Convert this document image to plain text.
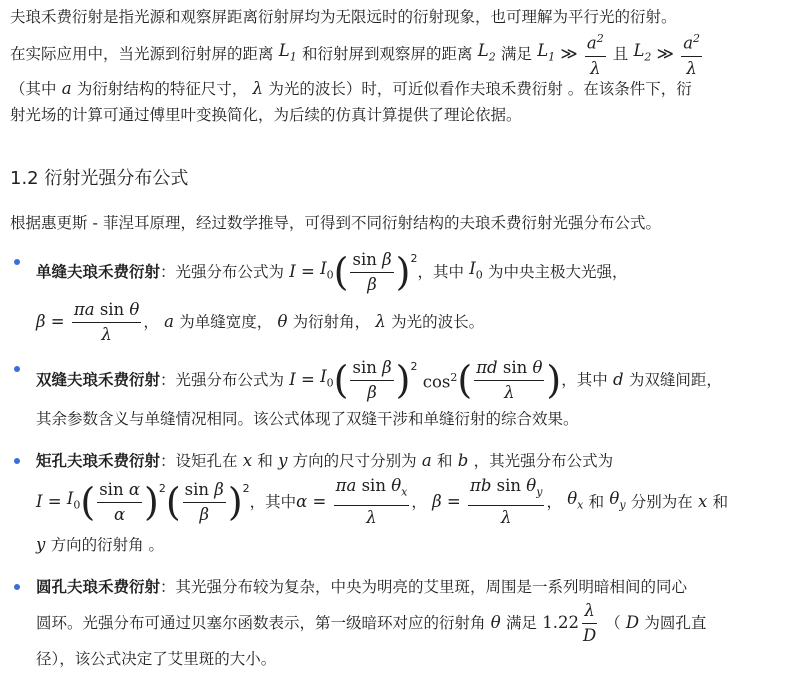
夫琅禾费衍射是指光源和观察屏距离衍射屏均为无限远时的衍射现象，也可理解为平行光的衍射。
在实际应用中，当光源到衍射屏的距离 $L_1$ 和衍射屏到观察屏的距离 $L_2$ 满足 $L_1$ ≫ $\frac{a^2}{\lambda}$
且 $L_2$ ≫ $\frac{a^2}{\lambda}$
（其中 a 为衍射结构的特征尺寸， λ 为光的波长）时，可近似看作夫琅禾费衍射 。在该条件下，衍
射光场的计算可通过傅里叶变换简化，为后续的仿真计算提供了理论依据。
1.2 衍射光强分布公式
根据惠更斯 - 菲涅耳原理，经过数学推导，可得到不同衍射结构的夫琅禾费衍射光强分布公式。
单缝夫琅禾费衍射 ：光强分布公式为 $I = I_0$ ( $\frac{\text{sin β}}{\beta} )^2$
，其中 $I_0$ 为中央主极大光强，
$\beta = \frac{\text{πa sin θ}}{\lambda}$ ， a 为单缝宽度， θ 为衍射角， λ 为光的波长。
双缝夫琅禾费衍射 ：光强分布公式为 $I = I_0$ ( $\frac{\text{sin β}}{\beta} )^2$
$\cos^2$ ( $\frac{\text{πd sin θ}}{\lambda}$ ) ，其中 d 为双缝间距，
其余参数含义与单缝情况相同。该公式体现了双缝干涉和单缝衍射的综合效果。
矩孔夫琅禾费衍射：设矩孔在 x 和 y 方向的尺寸分别为 a 和 b ，其光强分布公式为
$I = I_0$ ( $\frac{\text{sin α}}{\alpha} )^2$ ( $\frac{\text{sin β}}{\beta} )^2$
，其中 $\alpha = \frac{\pi a \sin \theta_x}{\lambda}$ ， $\beta = \frac{\pi b \sin \theta_y}{\lambda}$ ， $\theta_x$ 和 $\theta_y$ 分别为在 x 和
y 方向的衍射角 。
圆孔夫琅禾费衍射：其光强分布较为复杂，中央为明亮的艾里斑，周围是一系列明暗相间的同心
圆环。光强分布可通过贝塞尔函数表示，第一级暗环对应的衍射角 θ 满足 $1.22 \frac{\lambda}{D}$
（ D 为圆孔直
径），该公式决定了艾里斑的大小。
